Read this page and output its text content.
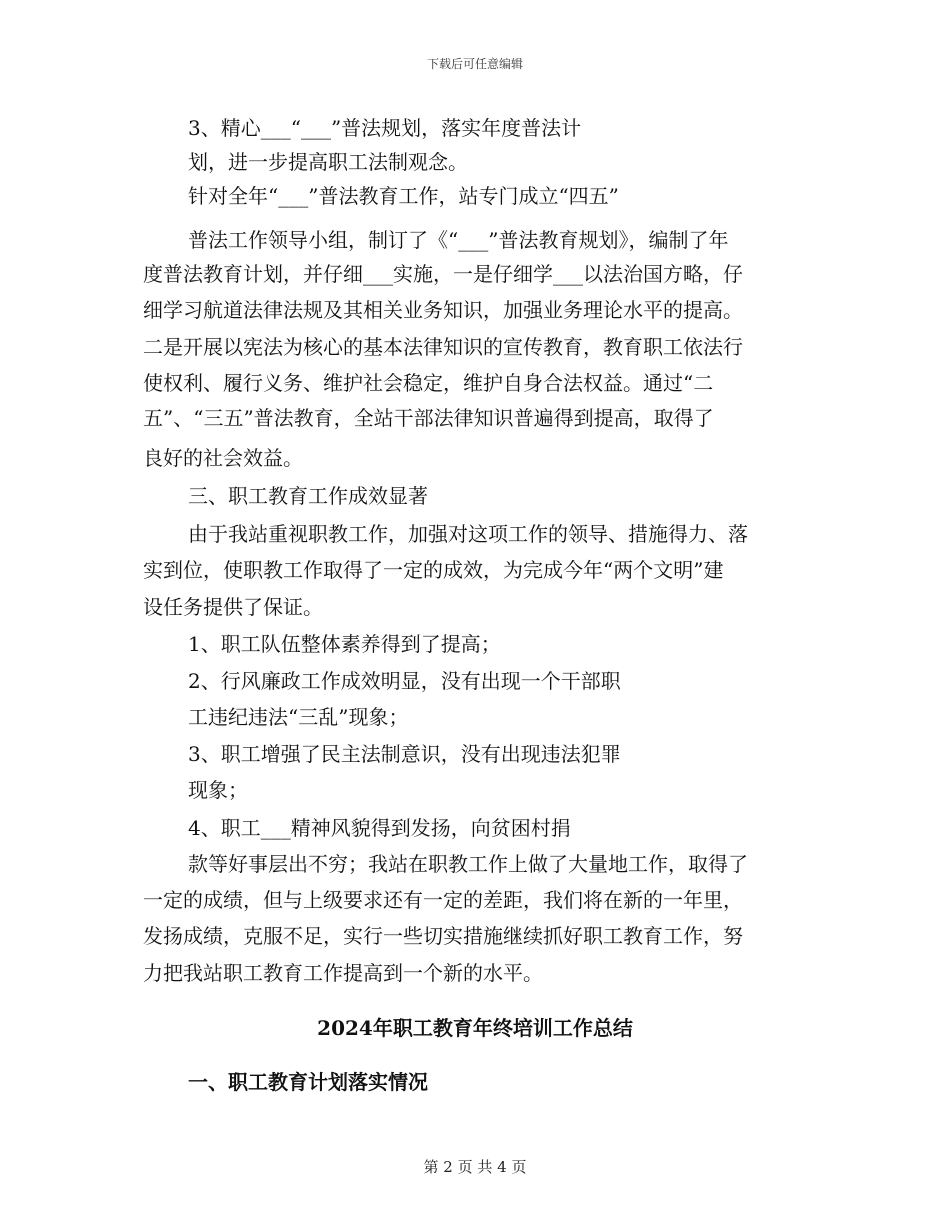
下载后可任意编辑
3、精心___“___”普法规划，落实年度普法计
划，进一步提高职工法制观念。
针对全年“___”普法教育工作，站专门成立“四五”
普法工作领导小组，制订了《“___”普法教育规划》，编制了年
度普法教育计划，并仔细___实施，一是仔细学___以法治国方略，仔
细学习航道法律法规及其相关业务知识，加强业务理论水平的提高。
二是开展以宪法为核心的基本法律知识的宣传教育，教育职工依法行
使权利、履行义务、维护社会稳定，维护自身合法权益。通过“二
五”、“三五”普法教育，全站干部法律知识普遍得到提高，取得了
良好的社会效益。
三、职工教育工作成效显著
由于我站重视职教工作，加强对这项工作的领导、措施得力、落
实到位，使职教工作取得了一定的成效，为完成今年“两个文明”建
设任务提供了保证。
1、职工队伍整体素养得到了提高；
2、行风廉政工作成效明显，没有出现一个干部职
工违纪违法“三乱”现象；
3、职工增强了民主法制意识，没有出现违法犯罪
现象；
4、职工___精神风貌得到发扬，向贫困村捐
款等好事层出不穷；我站在职教工作上做了大量地工作，取得了
一定的成绩，但与上级要求还有一定的差距，我们将在新的一年里，
发扬成绩，克服不足，实行一些切实措施继续抓好职工教育工作，努
力把我站职工教育工作提高到一个新的水平。
2024年职工教育年终培训工作总结
一、职工教育计划落实情况
第 2 页 共 4 页
